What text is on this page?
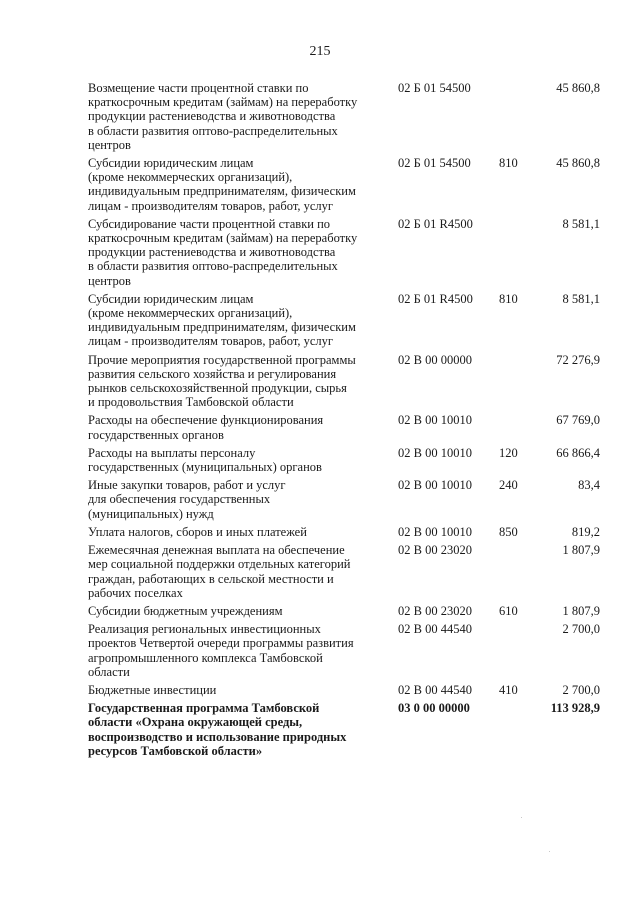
215
Возмещение части процентной ставки по
краткосрочным кредитам (займам) на переработку
продукции растениеводства и животноводства
в области развития оптово-распределительных
центров
02 Б 01 54500	45 860,8
Субсидии юридическим лицам
(кроме некоммерческих организаций),
индивидуальным предпринимателям, физическим
лицам - производителям товаров, работ, услуг
02 Б 01 54500 810	45 860,8
Субсидирование части процентной ставки по
краткосрочным кредитам (займам) на переработку
продукции растениеводства и животноводства
в области развития оптово-распределительных
центров
02 Б 01 R4500	8 581,1
Субсидии юридическим лицам
(кроме некоммерческих организаций),
индивидуальным предпринимателям, физическим
лицам - производителям товаров, работ, услуг
02 Б 01 R4500 810	8 581,1
Прочие мероприятия государственной программы
развития сельского хозяйства и регулирования
рынков сельскохозяйственной продукции, сырья
и продовольствия Тамбовской области
02 В 00 00000	72 276,9
Расходы на обеспечение функционирования
государственных органов
02 В 00 10010	67 769,0
Расходы на выплаты персоналу
государственных (муниципальных) органов
02 В 00 10010 120	66 866,4
Иные закупки товаров, работ и услуг
для обеспечения государственных
(муниципальных) нужд
02 В 00 10010 240	83,4
Уплата налогов, сборов и иных платежей	02 В 00 10010 850	819,2
Ежемесячная денежная выплата на обеспечение
мер социальной поддержки отдельных категорий
граждан, работающих в сельской местности и
рабочих поселках
02 В 00 23020	1 807,9
Субсидии бюджетным учреждениям	02 В 00 23020 610	1 807,9
Реализация региональных инвестиционных
проектов Четвертой очереди программы развития
агропромышленного комплекса Тамбовской
области
02 В 00 44540	2 700,0
Бюджетные инвестиции	02 В 00 44540 410	2 700,0
Государственная программа Тамбовской
области «Охрана окружающей среды,
воспроизводство и использование природных
ресурсов Тамбовской области»
03 0 00 00000	113 928,9
